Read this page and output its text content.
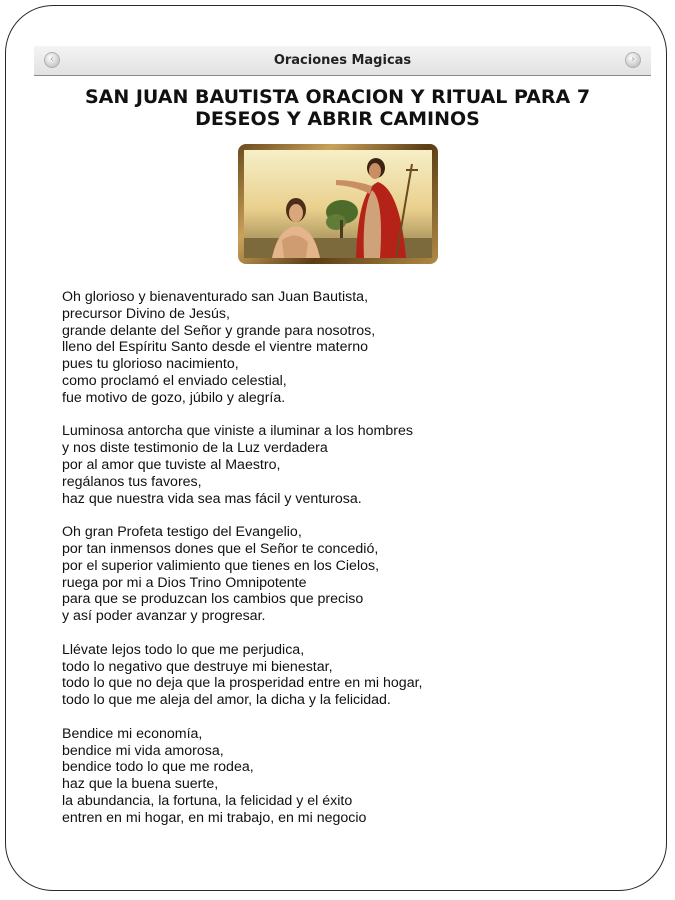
‹	Oraciones Magicas	›
SAN JUAN BAUTISTA ORACION Y RITUAL PARA 7 DESEOS Y ABRIR CAMINOS
Oh glorioso y bienaventurado san Juan Bautista,
precursor Divino de Jesús,
grande delante del Señor y grande para nosotros,
lleno del Espíritu Santo desde el vientre materno
pues tu glorioso nacimiento,
como proclamó el enviado celestial,
fue motivo de gozo, júbilo y alegría.
Luminosa antorcha que viniste a iluminar a los hombres
y nos diste testimonio de la Luz verdadera
por al amor que tuviste al Maestro,
regálanos tus favores,
haz que nuestra vida sea mas fácil y venturosa.
Oh gran Profeta testigo del Evangelio,
por tan inmensos dones que el Señor te concedió,
por el superior valimiento que tienes en los Cielos,
ruega por mi a Dios Trino Omnipotente
para que se produzcan los cambios que preciso
y así poder avanzar y progresar.
Llévate lejos todo lo que me perjudica,
todo lo negativo que destruye mi bienestar,
todo lo que no deja que la prosperidad entre en mi hogar,
todo lo que me aleja del amor, la dicha y la felicidad.
Bendice mi economía,
bendice mi vida amorosa,
bendice todo lo que me rodea,
haz que la buena suerte,
la abundancia, la fortuna, la felicidad y el éxito
entren en mi hogar, en mi trabajo, en mi negocio
